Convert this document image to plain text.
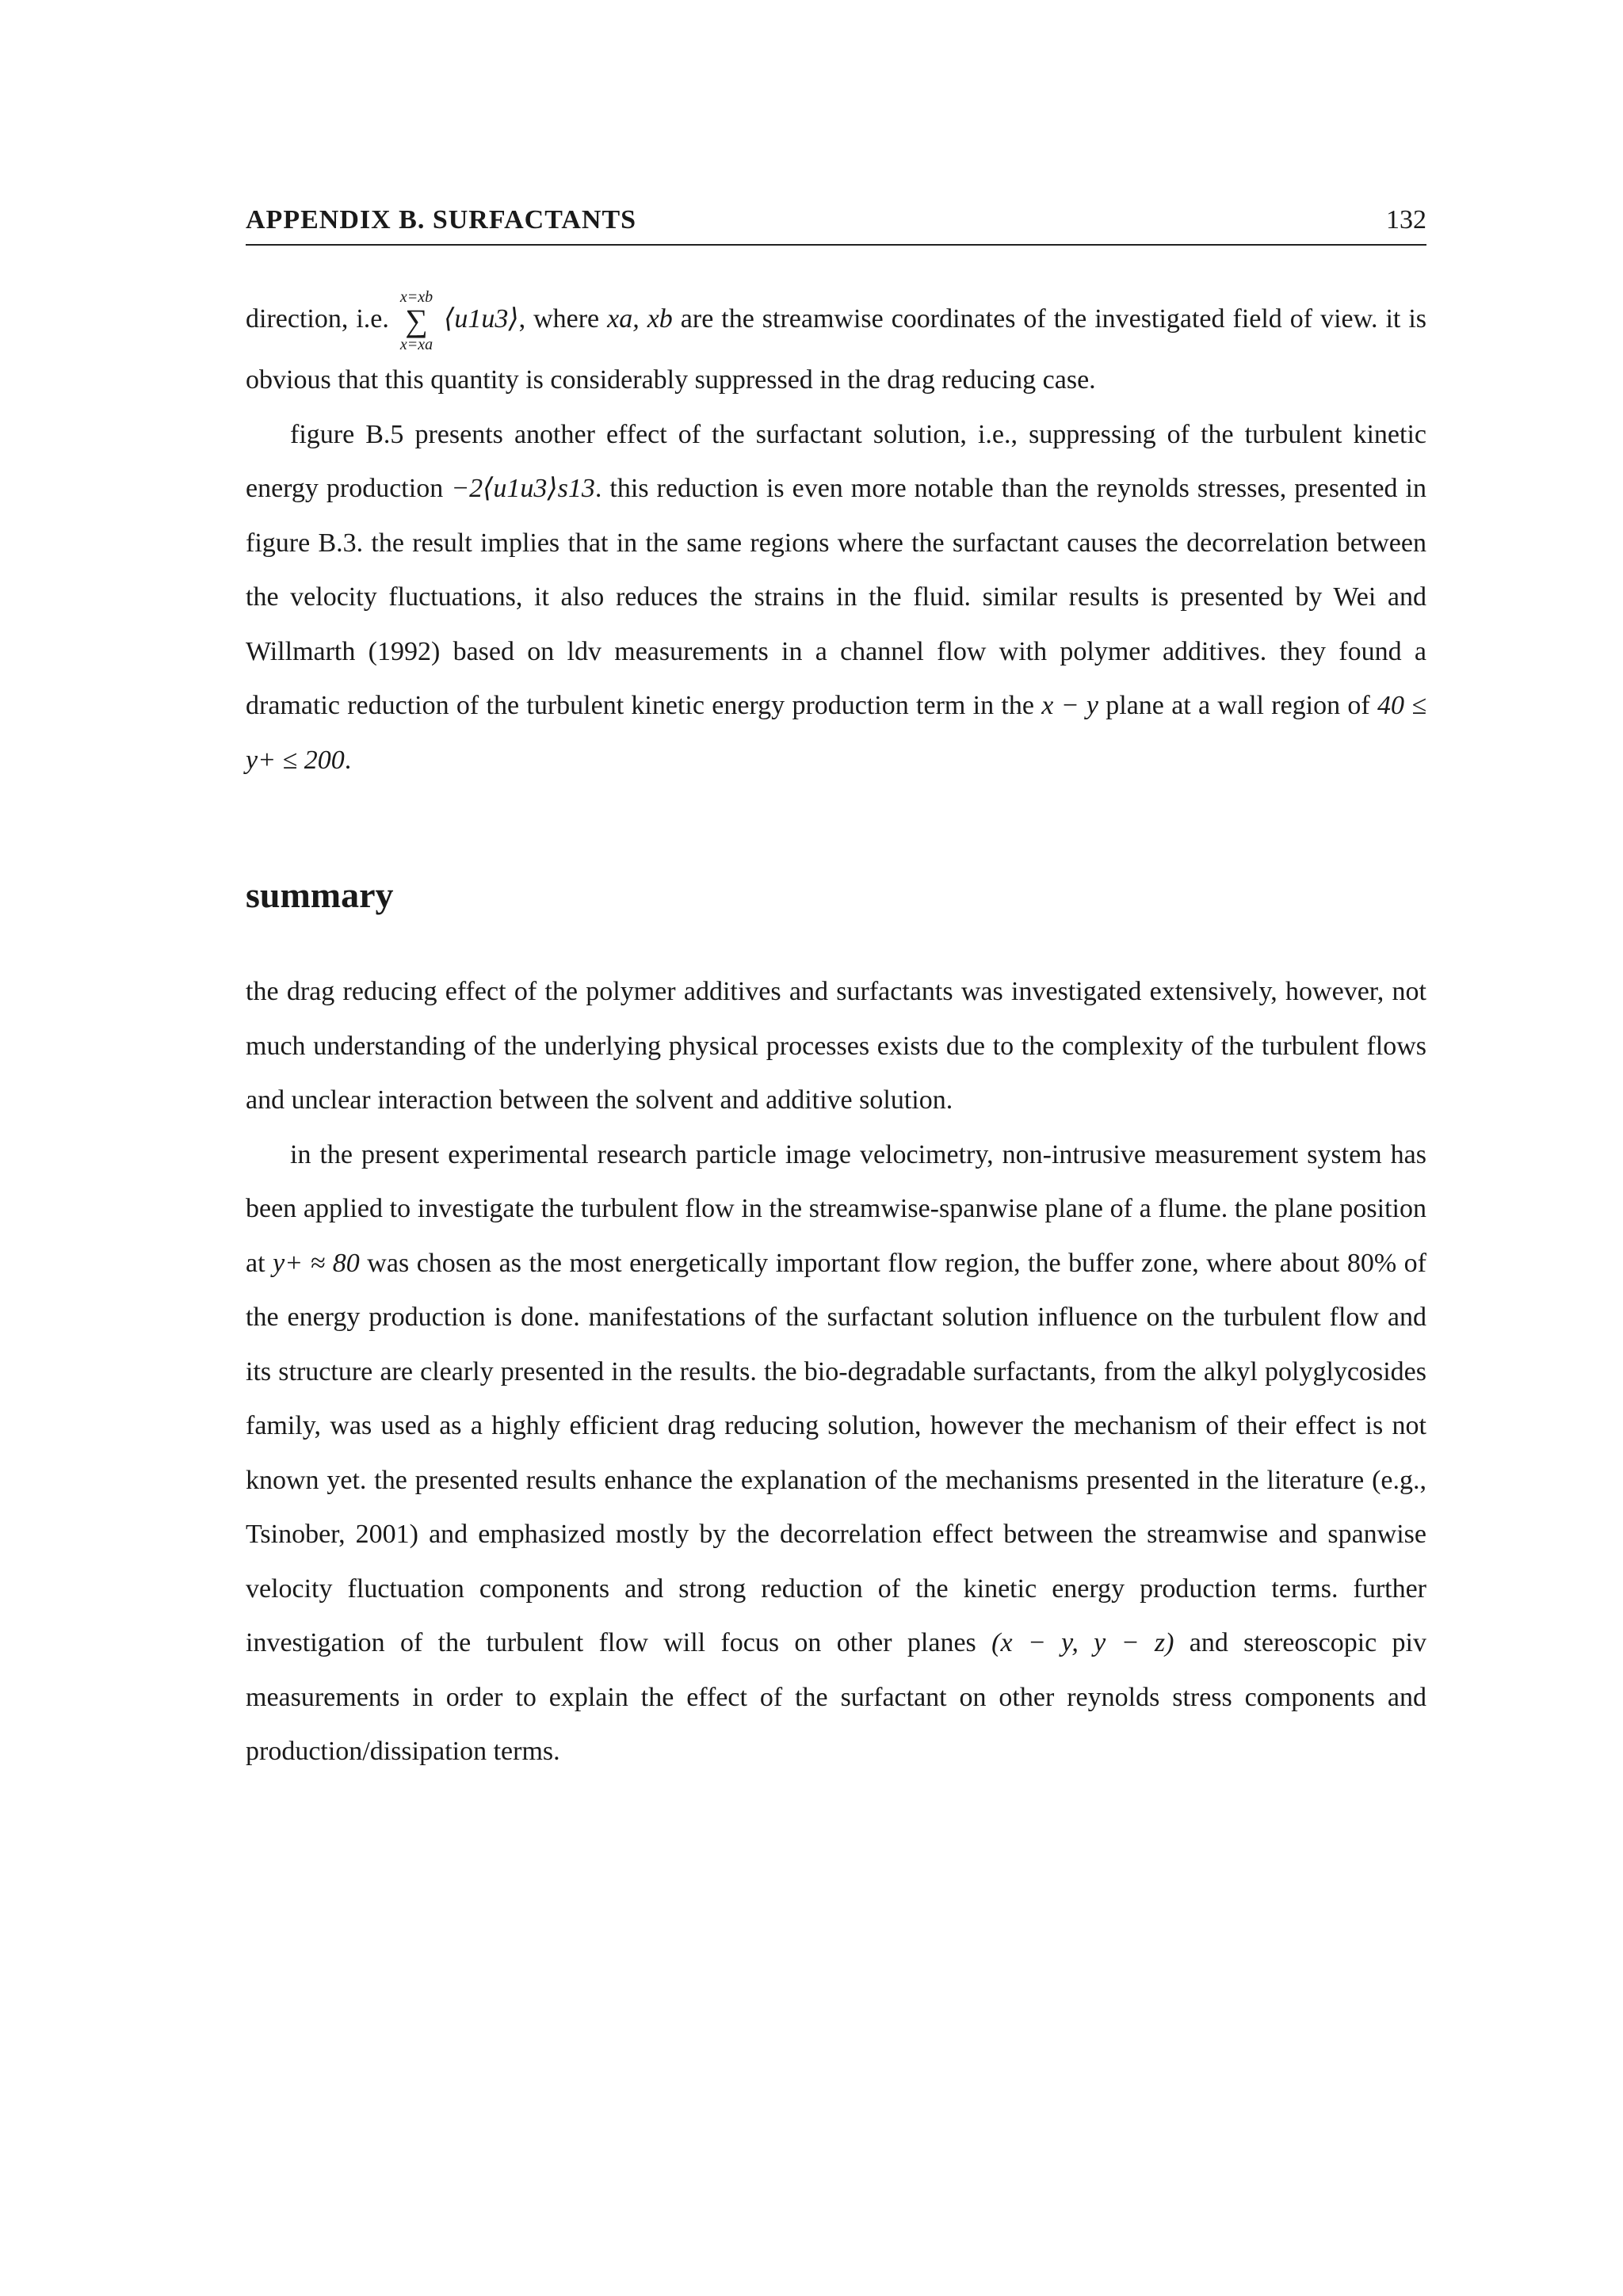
APPENDIX B. SURFACTANTS	132

direction, i.e.
x=xb
∑
x=xa
⟨u1u3⟩, where xa, xb are the streamwise coordinates of the investigated field of view. it is obvious that this quantity is considerably suppressed in the drag reducing case.

figure B.5 presents another effect of the surfactant solution, i.e., suppressing of the turbulent kinetic energy production −2⟨u1u3⟩s13. this reduction is even more notable than the reynolds stresses, presented in figure B.3. the result implies that in the same regions where the surfactant causes the decorrelation between the velocity fluctuations, it also reduces the strains in the fluid. similar results is presented by Wei and Willmarth (1992) based on ldv measurements in a channel flow with polymer additives. they found a dramatic reduction of the turbulent kinetic energy production term in the x − y plane at a wall region of 40 ≤ y+ ≤ 200.

summary

the drag reducing effect of the polymer additives and surfactants was investigated extensively, however, not much understanding of the underlying physical processes exists due to the complexity of the turbulent flows and unclear interaction between the solvent and additive solution.

in the present experimental research particle image velocimetry, non-intrusive measurement system has been applied to investigate the turbulent flow in the streamwise-spanwise plane of a flume. the plane position at y+ ≈ 80 was chosen as the most energetically important flow region, the buffer zone, where about 80% of the energy production is done. manifestations of the surfactant solution influence on the turbulent flow and its structure are clearly presented in the results. the bio-degradable surfactants, from the alkyl polyglycosides family, was used as a highly efficient drag reducing solution, however the mechanism of their effect is not known yet. the presented results enhance the explanation of the mechanisms presented in the literature (e.g., Tsinober, 2001) and emphasized mostly by the decorrelation effect between the streamwise and spanwise velocity fluctuation components and strong reduction of the kinetic energy production terms. further investigation of the turbulent flow will focus on other planes (x − y, y − z) and stereoscopic piv measurements in order to explain the effect of the surfactant on other reynolds stress components and production/dissipation terms.
